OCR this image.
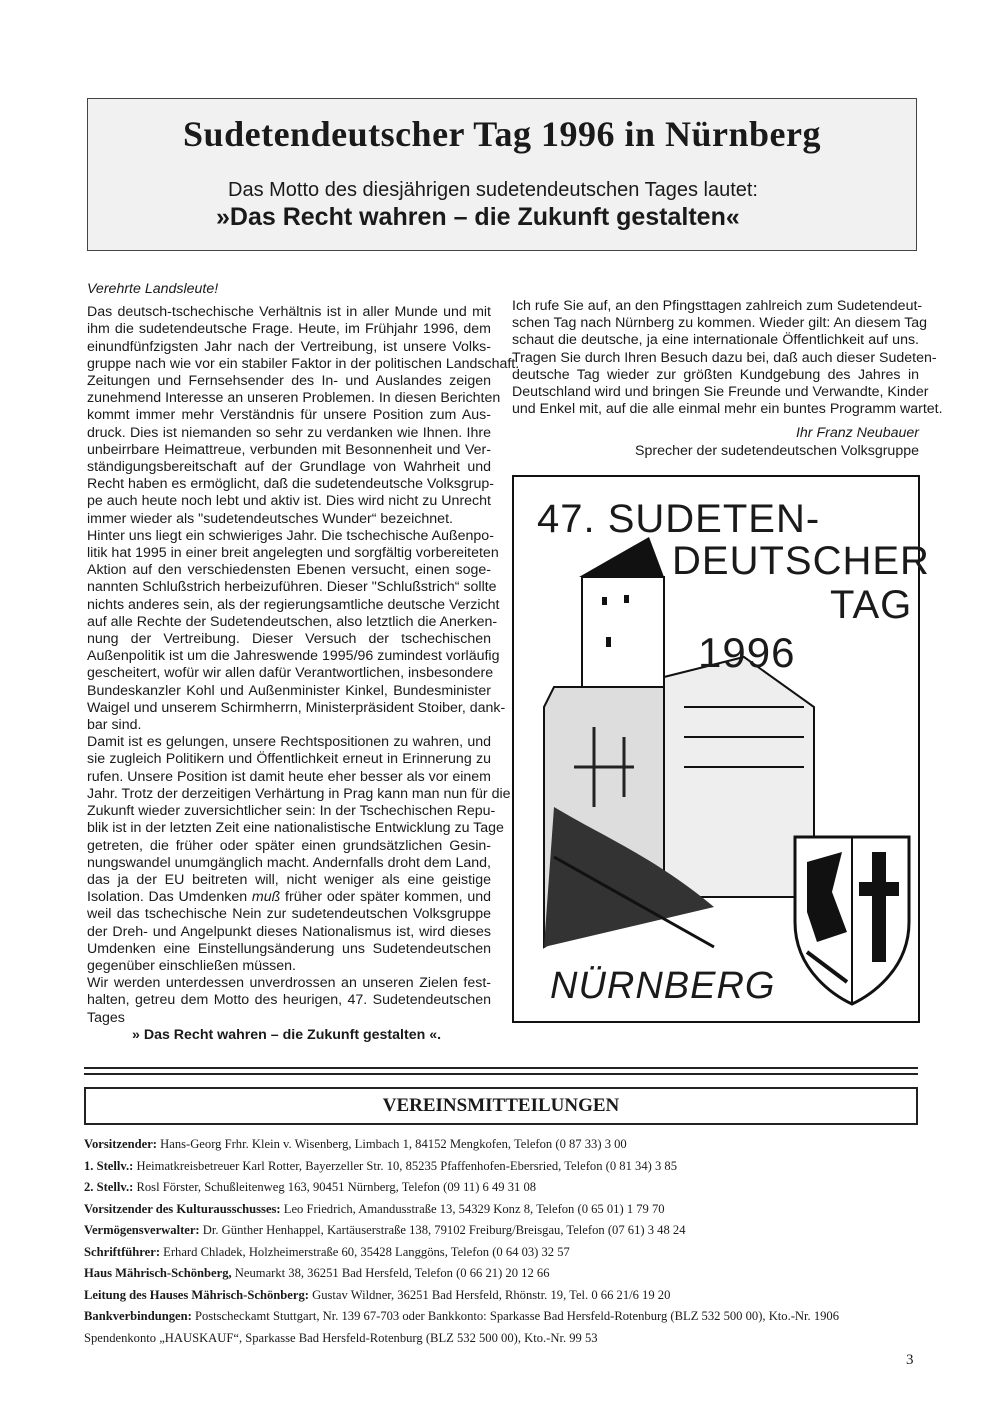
Sudetendeutscher Tag 1996 in Nürnberg
Das Motto des diesjährigen sudetendeutschen Tages lautet:
»Das Recht wahren – die Zukunft gestalten«
Verehrte Landsleute!
Das deutsch-tschechische Verhältnis ist in aller Munde und mit
ihm die sudetendeutsche Frage. Heute, im Frühjahr 1996, dem
einundfünfzigsten Jahr nach der Vertreibung, ist unsere Volks-
gruppe nach wie vor ein stabiler Faktor in der politischen Landschaft.
Zeitungen und Fernsehsender des In- und Auslandes zeigen
zunehmend Interesse an unseren Problemen. In diesen Berichten
kommt immer mehr Verständnis für unsere Position zum Aus-
druck. Dies ist niemanden so sehr zu verdanken wie Ihnen. Ihre
unbeirrbare Heimattreue, verbunden mit Besonnenheit und Ver-
ständigungsbereitschaft auf der Grundlage von Wahrheit und
Recht haben es ermöglicht, daß die sudetendeutsche Volksgrup-
pe auch heute noch lebt und aktiv ist. Dies wird nicht zu Unrecht
immer wieder als "sudetendeutsches Wunder“ bezeichnet.
Hinter uns liegt ein schwieriges Jahr. Die tschechische Außenpo-
litik hat 1995 in einer breit angelegten und sorgfältig vorbereiteten
Aktion auf den verschiedensten Ebenen versucht, einen soge-
nannten Schlußstrich herbeizuführen. Dieser "Schlußstrich“ sollte
nichts anderes sein, als der regierungsamtliche deutsche Verzicht
auf alle Rechte der Sudetendeutschen, also letztlich die Anerken-
nung der Vertreibung. Dieser Versuch der tschechischen
Außenpolitik ist um die Jahreswende 1995/96 zumindest vorläufig
gescheitert, wofür wir allen dafür Verantwortlichen, insbesondere
Bundeskanzler Kohl und Außenminister Kinkel, Bundesminister
Waigel und unserem Schirmherrn, Ministerpräsident Stoiber, dank-
bar sind.
Damit ist es gelungen, unsere Rechtspositionen zu wahren, und
sie zugleich Politikern und Öffentlichkeit erneut in Erinnerung zu
rufen. Unsere Position ist damit heute eher besser als vor einem
Jahr. Trotz der derzeitigen Verhärtung in Prag kann man nun für die
Zukunft wieder zuversichtlicher sein: In der Tschechischen Repu-
blik ist in der letzten Zeit eine nationalistische Entwicklung zu Tage
getreten, die früher oder später einen grundsätzlichen Gesin-
nungswandel unumgänglich macht. Andernfalls droht dem Land,
das ja der EU beitreten will, nicht weniger als eine geistige
Isolation. Das Umdenken muß früher oder später kommen, und
weil das tschechische Nein zur sudetendeutschen Volksgruppe
der Dreh- und Angelpunkt dieses Nationalismus ist, wird dieses
Umdenken eine Einstellungsänderung uns Sudetendeutschen
gegenüber einschließen müssen.
Wir werden unterdessen unverdrossen an unseren Zielen fest-
halten, getreu dem Motto des heurigen, 47. Sudetendeutschen
Tages
» Das Recht wahren – die Zukunft gestalten «.
Ich rufe Sie auf, an den Pfingsttagen zahlreich zum Sudetendeut-
schen Tag nach Nürnberg zu kommen. Wieder gilt: An diesem Tag
schaut die deutsche, ja eine internationale Öffentlichkeit auf uns.
Tragen Sie durch Ihren Besuch dazu bei, daß auch dieser Sudeten-
deutsche Tag wieder zur größten Kundgebung des Jahres in
Deutschland wird und bringen Sie Freunde und Verwandte, Kinder
und Enkel mit, auf die alle einmal mehr ein buntes Programm wartet.
Ihr Franz Neubauer
Sprecher der sudetendeutschen Volksgruppe
47. SUDETEN-
DEUTSCHER
TAG
1996
NÜRNBERG
VEREINSMITTEILUNGEN
Vorsitzender: Hans-Georg Frhr. Klein v. Wisenberg, Limbach 1, 84152 Mengkofen, Telefon (0 87 33) 3 00
1. Stellv.: Heimatkreisbetreuer Karl Rotter, Bayerzeller Str. 10, 85235 Pfaffenhofen-Ebersried, Telefon (0 81 34) 3 85
2. Stellv.: Rosl Förster, Schußleitenweg 163, 90451 Nürnberg, Telefon (09 11) 6 49 31 08
Vorsitzender des Kulturausschusses: Leo Friedrich, Amandusstraße 13, 54329 Konz 8, Telefon (0 65 01) 1 79 70
Vermögensverwalter: Dr. Günther Henhappel, Kartäuserstraße 138, 79102 Freiburg/Breisgau, Telefon (07 61) 3 48 24
Schriftführer: Erhard Chladek, Holzheimerstraße 60, 35428 Langgöns, Telefon (0 64 03) 32 57
Haus Mährisch-Schönberg, Neumarkt 38, 36251 Bad Hersfeld, Telefon (0 66 21) 20 12 66
Leitung des Hauses Mährisch-Schönberg: Gustav Wildner, 36251 Bad Hersfeld, Rhönstr. 19, Tel. 0 66 21/6 19 20
Bankverbindungen: Postscheckamt Stuttgart, Nr. 139 67-703 oder Bankkonto: Sparkasse Bad Hersfeld-Rotenburg (BLZ 532 500 00), Kto.-Nr. 1906
Spendenkonto „HAUSKAUF“, Sparkasse Bad Hersfeld-Rotenburg (BLZ 532 500 00), Kto.-Nr. 99 53
3
